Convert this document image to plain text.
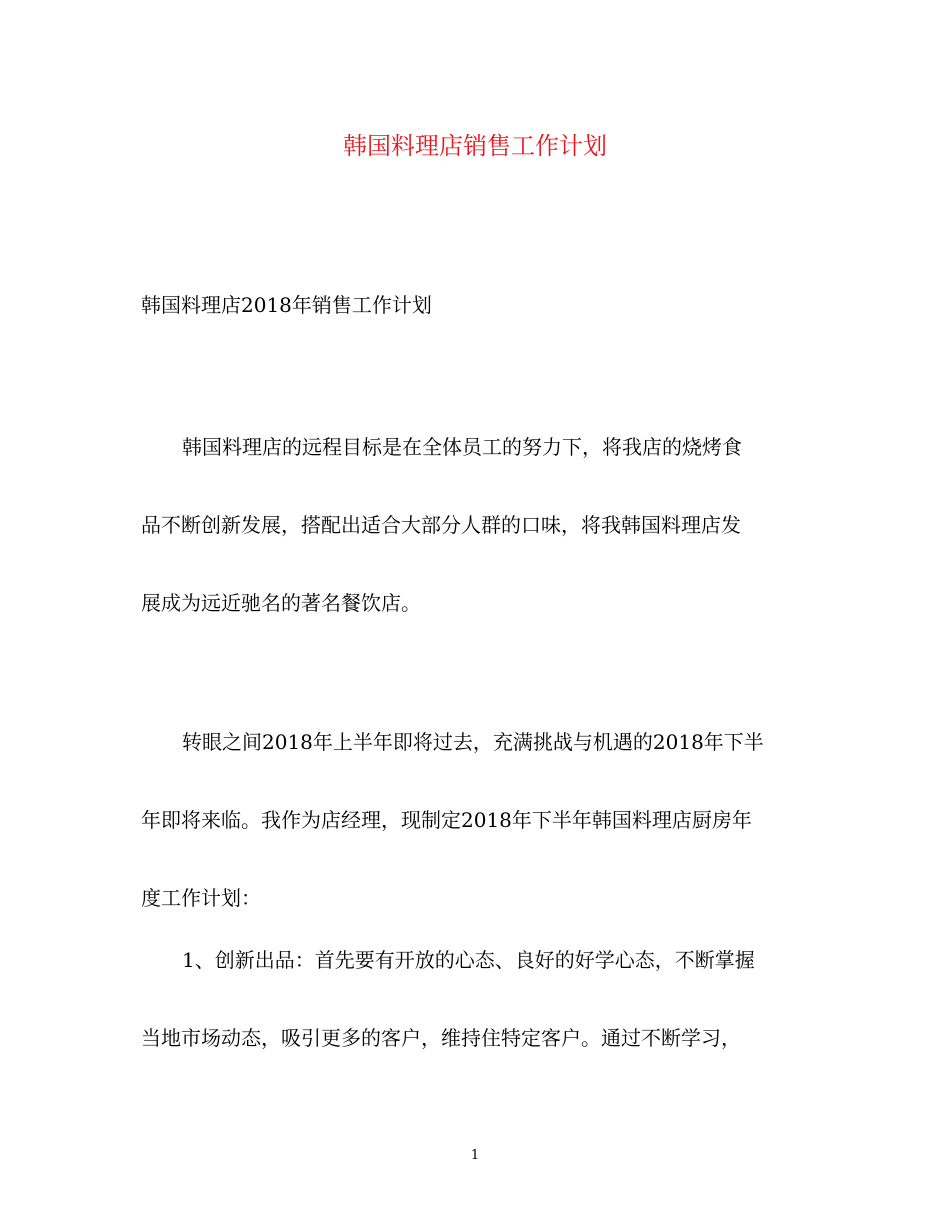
韩国料理店销售工作计划
韩国料理店2018年销售工作计划

韩国料理店的远程目标是在全体员工的努力下，将我店的烧烤食
品不断创新发展，搭配出适合大部分人群的口味，将我韩国料理店发
展成为远近驰名的著名餐饮店。

转眼之间2018年上半年即将过去，充满挑战与机遇的2018年下半
年即将来临。我作为店经理，现制定2018年下半年韩国料理店厨房年
度工作计划：

1、创新出品：首先要有开放的心态、良好的好学心态，不断掌握
当地市场动态，吸引更多的客户，维持住特定客户。通过不断学习，

1
